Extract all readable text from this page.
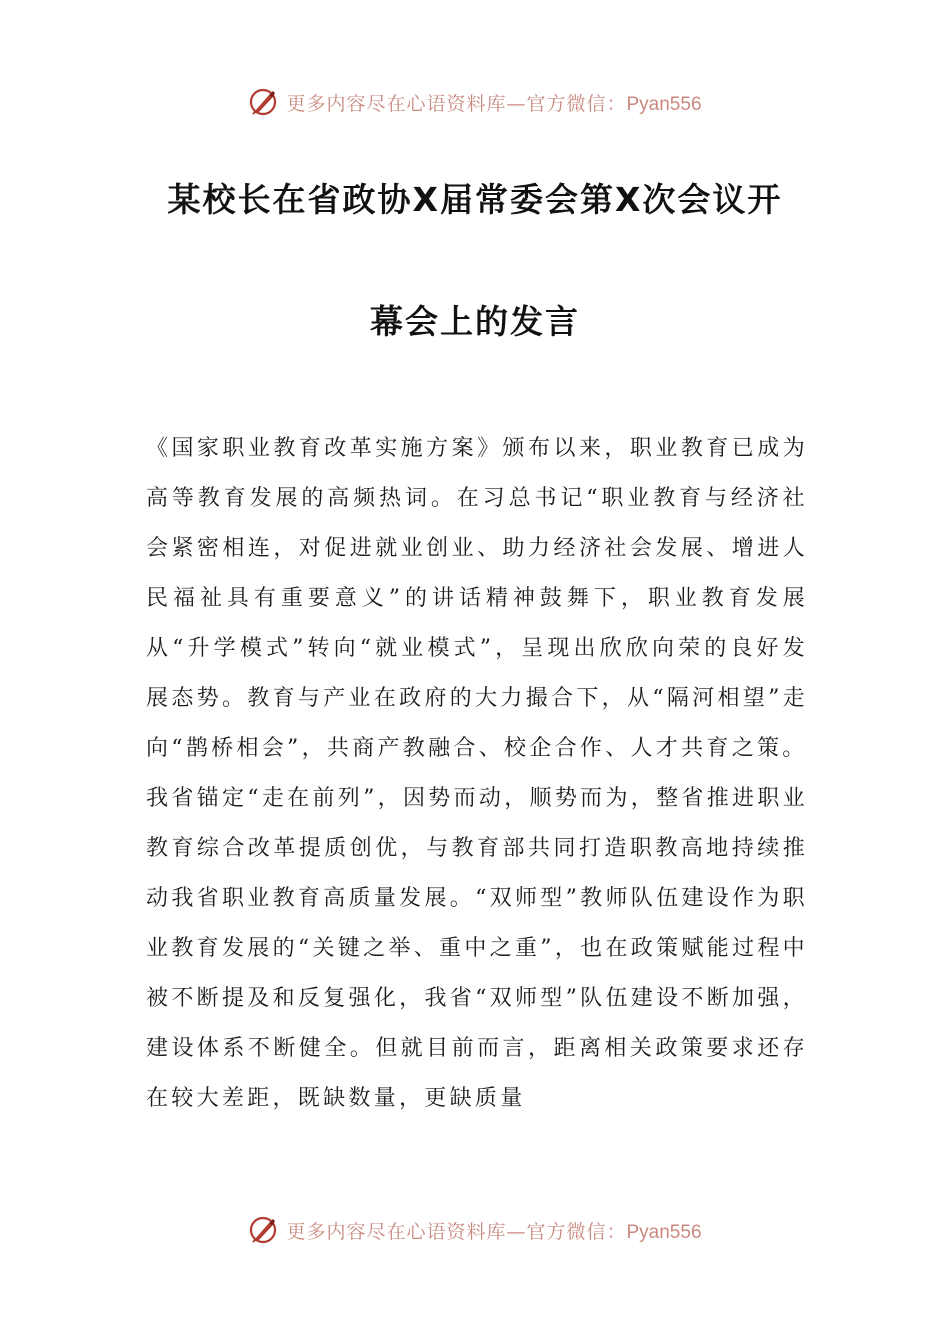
更多内容尽在心语资料库—官方微信：Pyan556
某校长在省政协X届常委会第X次会议开
幕会上的发言

《国家职业教育改革实施方案》颁布以来，职业教育已成为高等教育发展的高频热词。在习总书记“职业教育与经济社会紧密相连，对促进就业创业、助力经济社会发展、增进人民福祉具有重要意义”的讲话精神鼓舞下，职业教育发展从“升学模式”转向“就业模式”，呈现出欣欣向荣的良好发展态势。教育与产业在政府的大力撮合下，从“隔河相望”走向“鹊桥相会”，共商产教融合、校企合作、人才共育之策。

我省锚定“走在前列”，因势而动，顺势而为，整省推进职业教育综合改革提质创优，与教育部共同打造职教高地持续推动我省职业教育高质量发展。“双师型”教师队伍建设作为职业教育发展的“关键之举、重中之重”，也在政策赋能过程中被不断提及和反复强化，我省“双师型”队伍建设不断加强，建设体系不断健全。但就目前而言，距离相关政策要求还存在较大差距，既缺数量，更缺质量

更多内容尽在心语资料库—官方微信：Pyan556
